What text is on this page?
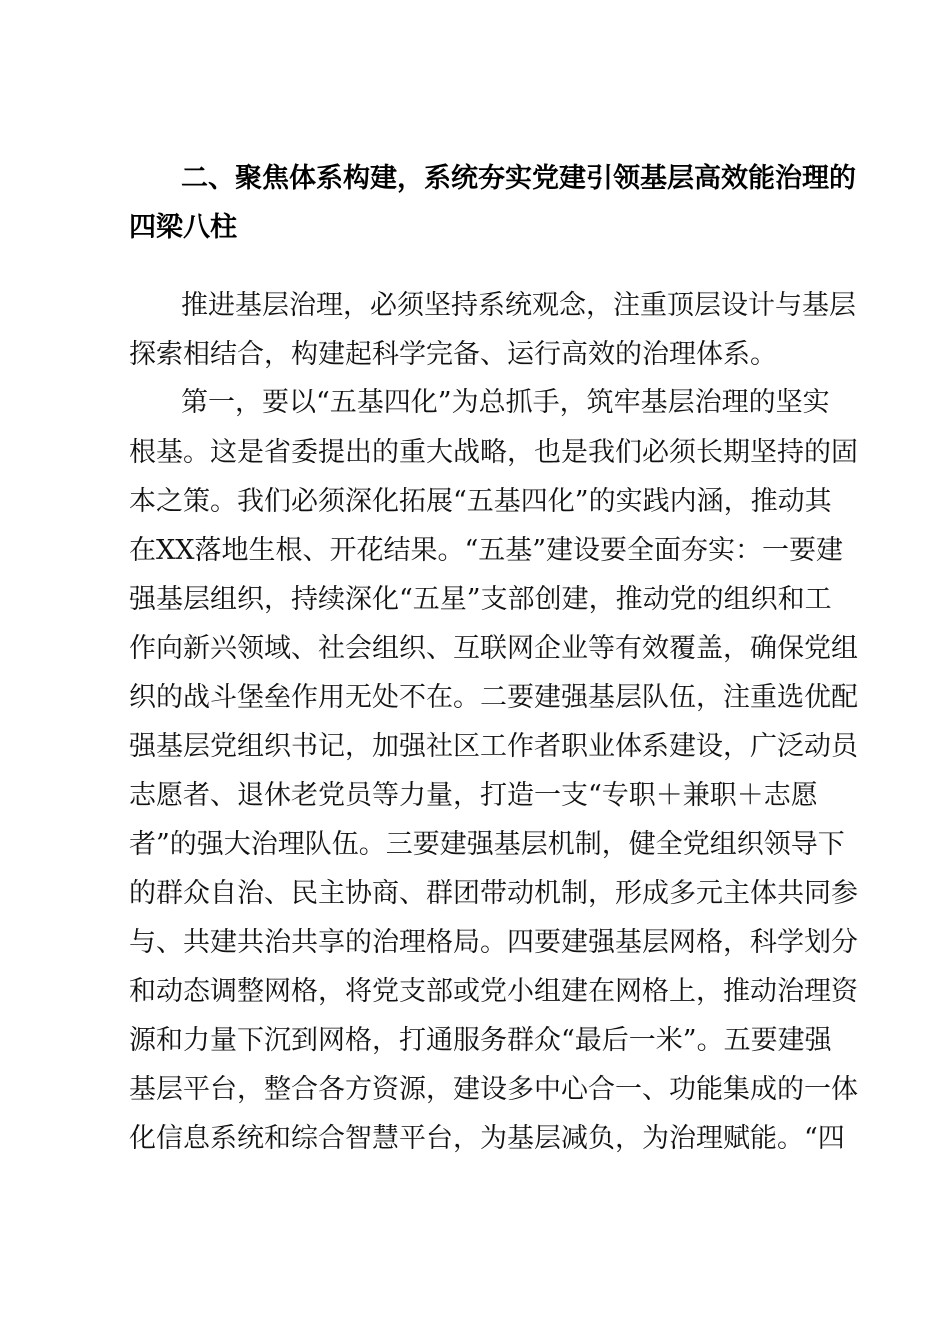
二、聚焦体系构建，系统夯实党建引领基层高效能治理的
四梁八柱
推进基层治理，必须坚持系统观念，注重顶层设计与基层
探索相结合，构建起科学完备、运行高效的治理体系。
第一，要以“五基四化”为总抓手，筑牢基层治理的坚实
根基。这是省委提出的重大战略，也是我们必须长期坚持的固
本之策。我们必须深化拓展“五基四化”的实践内涵，推动其
在XX落地生根、开花结果。“五基”建设要全面夯实：一要建
强基层组织，持续深化“五星”支部创建，推动党的组织和工
作向新兴领域、社会组织、互联网企业等有效覆盖，确保党组
织的战斗堡垒作用无处不在。二要建强基层队伍，注重选优配
强基层党组织书记，加强社区工作者职业体系建设，广泛动员
志愿者、退休老党员等力量，打造一支“专职＋兼职＋志愿
者”的强大治理队伍。三要建强基层机制，健全党组织领导下
的群众自治、民主协商、群团带动机制，形成多元主体共同参
与、共建共治共享的治理格局。四要建强基层网格，科学划分
和动态调整网格，将党支部或党小组建在网格上，推动治理资
源和力量下沉到网格，打通服务群众“最后一米”。五要建强
基层平台，整合各方资源，建设多中心合一、功能集成的一体
化信息系统和综合智慧平台，为基层减负，为治理赋能。“四
